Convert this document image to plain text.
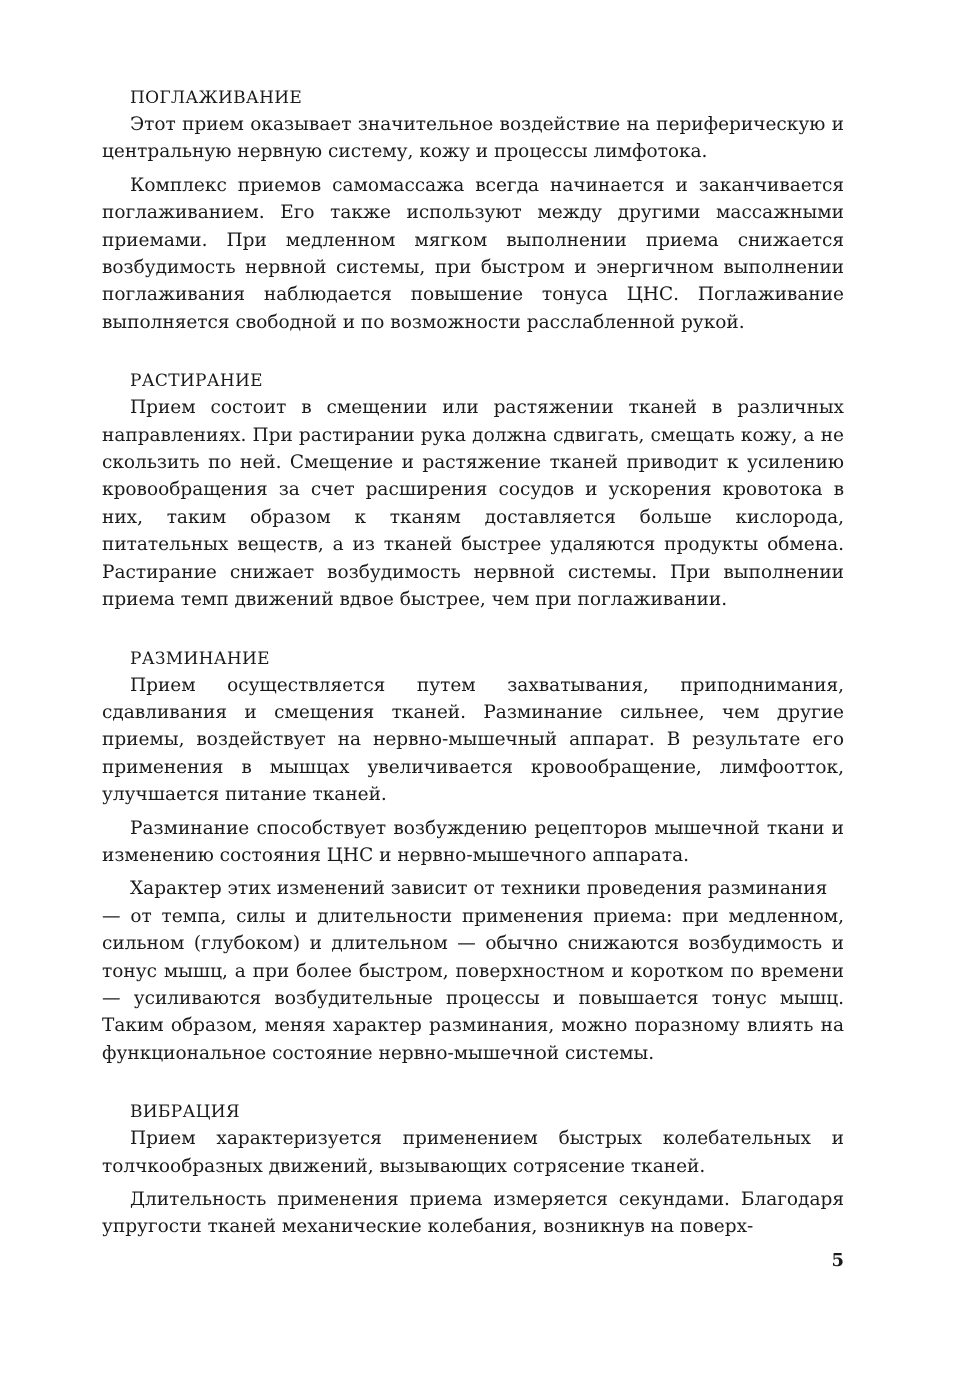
ПОГЛАЖИВАНИЕ

Этот прием оказывает значительное воздействие на периферическую и центральную нервную систему, кожу и процессы лимфотока.

Комплекс приемов самомассажа всегда начинается и заканчивается поглаживанием. Его также используют между другими массажными приемами. При медленном мягком выполнении приема снижается возбудимость нервной системы, при быстром и энергичном выполнении поглаживания наблюдается повышение тонуса ЦНС. Поглаживание выполняется свободной и по возможности расслабленной рукой.

РАСТИРАНИЕ

Прием состоит в смещении или растяжении тканей в различных направлениях. При растирании рука должна сдвигать, смещать кожу, а не скользить по ней. Смещение и растяжение тканей приводит к усилению кровообращения за счет расширения сосудов и ускорения кровотока в них, таким образом к тканям доставляется больше кислорода, питательных веществ, а из тканей быстрее удаляются продукты обмена. Растирание снижает возбудимость нервной системы. При выполнении приема темп движений вдвое быстрее, чем при поглаживании.

РАЗМИНАНИЕ

Прием осуществляется путем захватывания, приподнимания, сдавливания и смещения тканей. Разминание сильнее, чем другие приемы, воздействует на нервно-мышечный аппарат. В результате его применения в мышцах увеличивается кровообращение, лимфоотток, улучшается питание тканей.

Разминание способствует возбуждению рецепторов мышечной ткани и изменению состояния ЦНС и нервно-мышечного аппарата.

Характер этих изменений зависит от техники проведения разминания

— от темпа, силы и длительности применения приема: при медленном, сильном (глубоком) и длительном — обычно снижаются возбудимость и тонус мышц, а при более быстром, поверхностном и коротком по времени — усиливаются возбудительные процессы и повышается тонус мышц. Таким образом, меняя характер разминания, можно поразному влиять на функциональное состояние нервно-мышечной системы.

ВИБРАЦИЯ

Прием характеризуется применением быстрых колебательных и толчкообразных движений, вызывающих сотрясение тканей.

Длительность применения приема измеряется секундами. Благодаря упругости тканей механические колебания, возникнув на поверх-

5
